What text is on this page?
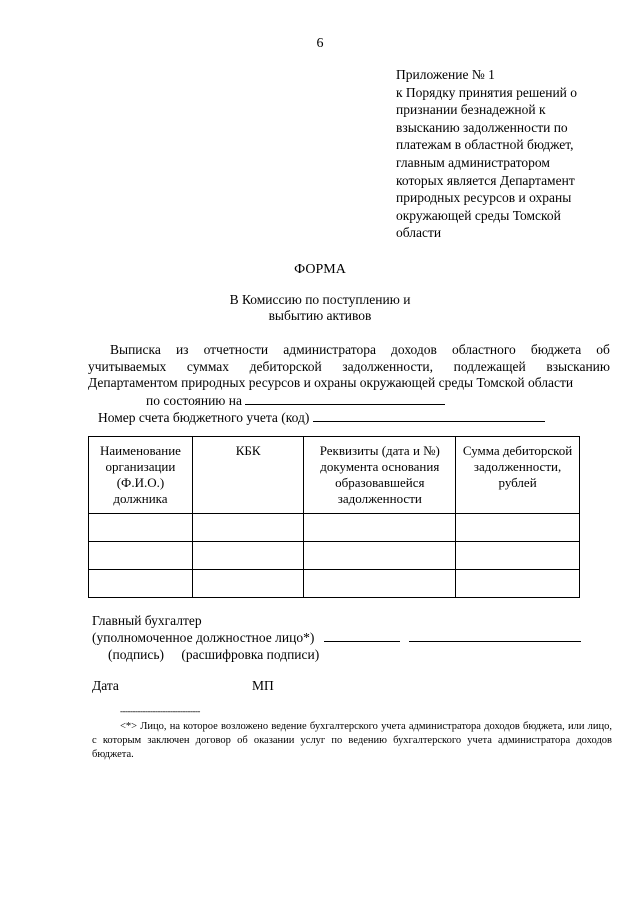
6
Приложение № 1
к Порядку принятия решений о
признании безнадежной к
взысканию задолженности по
платежам в областной бюджет,
главным администратором
которых является Департамент
природных ресурсов и охраны
окружающей среды Томской
области
ФОРМА
В Комиссию по поступлению и
выбытию активов
Выписка из отчетности администратора доходов областного бюджета об
учитываемых суммах дебиторской задолженности, подлежащей взысканию
Департаментом природных ресурсов и охраны окружающей среды Томской области
по состоянию на
Номер счета бюджетного учета (код)
Наименование организации (Ф.И.О.) должника	КБК	Реквизиты (дата и №) документа основания образовавшейся задолженности	Сумма дебиторской задолженности, рублей

Главный бухгалтер
(уполномоченное должностное лицо*)
(подпись) (расшифровка подписи)
Дата	МП
--------------------------------
<*> Лицо, на которое возложено ведение бухгалтерского учета администратора доходов бюджета, или лицо, с которым заключен договор об оказании услуг по ведению бухгалтерского учета администратора доходов бюджета.
